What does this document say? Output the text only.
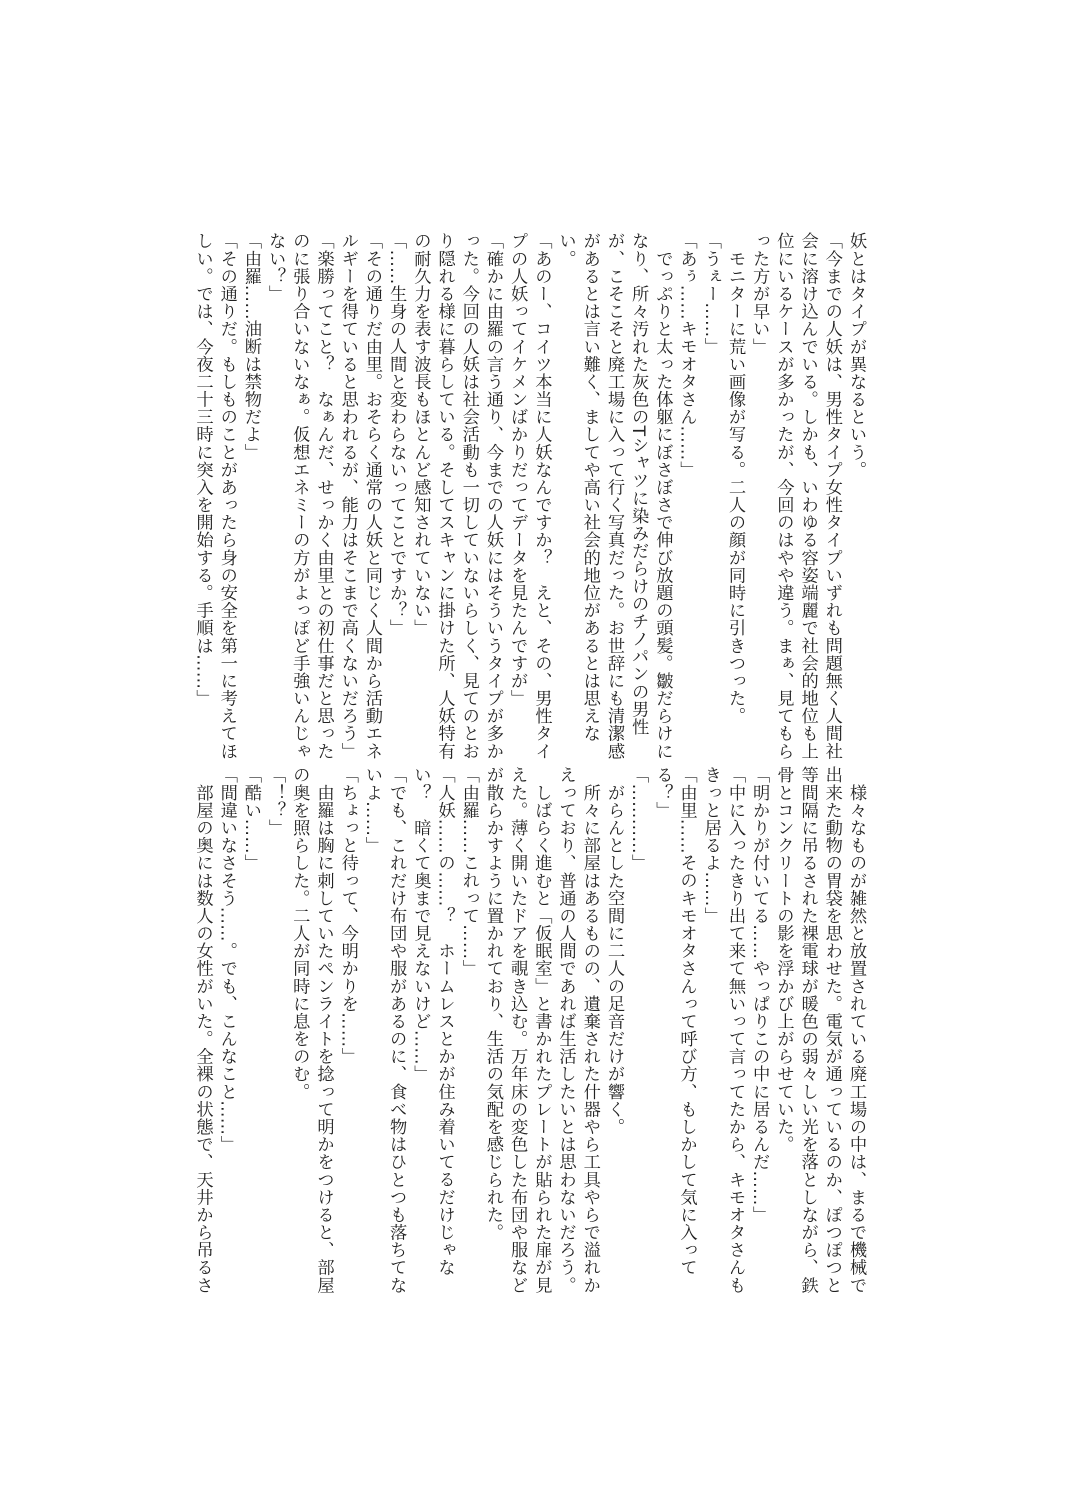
妖とはタイプが異なるという。
「今までの人妖は、男性タイプ女性タイプいずれも問題無く人間社
会に溶け込んでいる。しかも、いわゆる容姿端麗で社会的地位も上
位にいるケースが多かったが、今回のはやや違う。まぁ、見てもら
った方が早い」
　モニターに荒い画像が写る。二人の顔が同時に引きつった。
「うぇー……」
「あぅ……キモオタさん……」
　でっぷりと太った体躯にぼさぼさで伸び放題の頭髪。皺だらけに
なり、所々汚れた灰色のTシャツに染みだらけのチノパンの男性
が、こそこそと廃工場に入って行く写真だった。お世辞にも清潔感
があるとは言い難く、ましてや高い社会的地位があるとは思えな
い。
「あのー、コイツ本当に人妖なんですか？　えと、その、男性タイ
プの人妖ってイケメンばかりだってデータを見たんですが」
「確かに由羅の言う通り、今までの人妖にはそういうタイプが多か
った。今回の人妖は社会活動も一切していないらしく、見てのとお
り隠れる様に暮らしている。そしてスキャンに掛けた所、人妖特有
の耐久力を表す波長もほとんど感知されていない」
「……生身の人間と変わらないってことですか？」
「その通りだ由里。おそらく通常の人妖と同じく人間から活動エネ
ルギーを得ていると思われるが、能力はそこまで高くないだろう」
「楽勝ってこと？　なぁんだ、せっかく由里との初仕事だと思った
のに張り合いないなぁ。仮想エネミーの方がよっぽど手強いんじゃ
ない？」
「由羅……油断は禁物だよ」
「その通りだ。もしものことがあったら身の安全を第一に考えてほ
しい。では、今夜二十三時に突入を開始する。手順は……」
　様々なものが雑然と放置されている廃工場の中は、まるで機械で
出来た動物の胃袋を思わせた。電気が通っているのか、ぽつぽつと
等間隔に吊るされた裸電球が暖色の弱々しい光を落としながら、鉄
骨とコンクリートの影を浮かび上がらせていた。
「明かりが付いてる……やっぱりこの中に居るんだ……」
「中に入ったきり出て来て無いって言ってたから、キモオタさんも
きっと居るよ……」
「由里……そのキモオタさんって呼び方、もしかして気に入って
る？」
「…………」
　がらんとした空間に二人の足音だけが響く。
　所々に部屋はあるものの、遺棄された什器やら工具やらで溢れか
えっており、普通の人間であれば生活したいとは思わないだろう。
　しばらく進むと「仮眠室」と書かれたプレートが貼られた扉が見
えた。薄く開いたドアを覗き込む。万年床の変色した布団や服など
が散らかすように置かれており、生活の気配を感じられた。
「由羅……これって……」
「人妖……の……？　ホームレスとかが住み着いてるだけじゃな
い？　暗くて奥まで見えないけど……」
「でも、これだけ布団や服があるのに、食べ物はひとつも落ちてな
いよ……」
「ちょっと待って、今明かりを……」
　由羅は胸に刺していたペンライトを捻って明かをつけると、部屋
の奥を照らした。二人が同時に息をのむ。
「！？」
「酷い……」
「間違いなさそう……。でも、こんなこと……」
　部屋の奥には数人の女性がいた。全裸の状態で、天井から吊るさ
